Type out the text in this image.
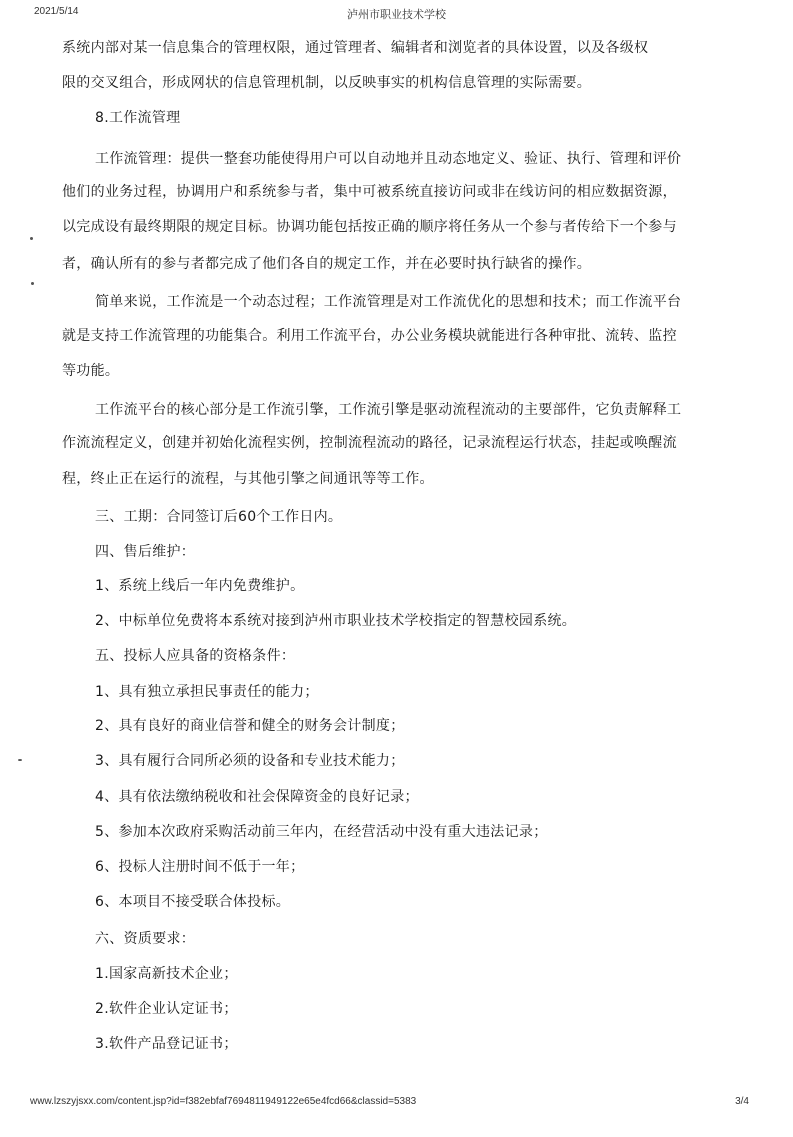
2021/5/14	泸州市职业技术学校
系统内部对某一信息集合的管理权限，通过管理者、编辑者和浏览者的具体设置，以及各级权
限的交叉组合，形成网状的信息管理机制，以反映事实的机构信息管理的实际需要。
8.工作流管理
工作流管理：提供一整套功能使得用户可以自动地并且动态地定义、验证、执行、管理和评价
他们的业务过程，协调用户和系统参与者，集中可被系统直接访问或非在线访问的相应数据资源，
以完成设有最终期限的规定目标。协调功能包括按正确的顺序将任务从一个参与者传给下一个参与
者，确认所有的参与者都完成了他们各自的规定工作，并在必要时执行缺省的操作。
简单来说，工作流是一个动态过程；工作流管理是对工作流优化的思想和技术；而工作流平台
就是支持工作流管理的功能集合。利用工作流平台，办公业务模块就能进行各种审批、流转、监控
等功能。
工作流平台的核心部分是工作流引擎，工作流引擎是驱动流程流动的主要部件，它负责解释工
作流流程定义，创建并初始化流程实例，控制流程流动的路径，记录流程运行状态，挂起或唤醒流
程，终止正在运行的流程，与其他引擎之间通讯等等工作。
三、工期：合同签订后60个工作日内。
四、售后维护：
1、系统上线后一年内免费维护。
2、中标单位免费将本系统对接到泸州市职业技术学校指定的智慧校园系统。
五、投标人应具备的资格条件：
1、具有独立承担民事责任的能力；
2、具有良好的商业信誉和健全的财务会计制度；
3、具有履行合同所必须的设备和专业技术能力；
4、具有依法缴纳税收和社会保障资金的良好记录；
5、参加本次政府采购活动前三年内，在经营活动中没有重大违法记录；
6、投标人注册时间不低于一年；
6、本项目不接受联合体投标。
六、资质要求：
1.国家高新技术企业；
2.软件企业认定证书；
3.软件产品登记证书；
www.lzszyjsxx.com/content.jsp?id=f382ebfaf7694811949122e65e4fcd66&classid=5383	3/4
